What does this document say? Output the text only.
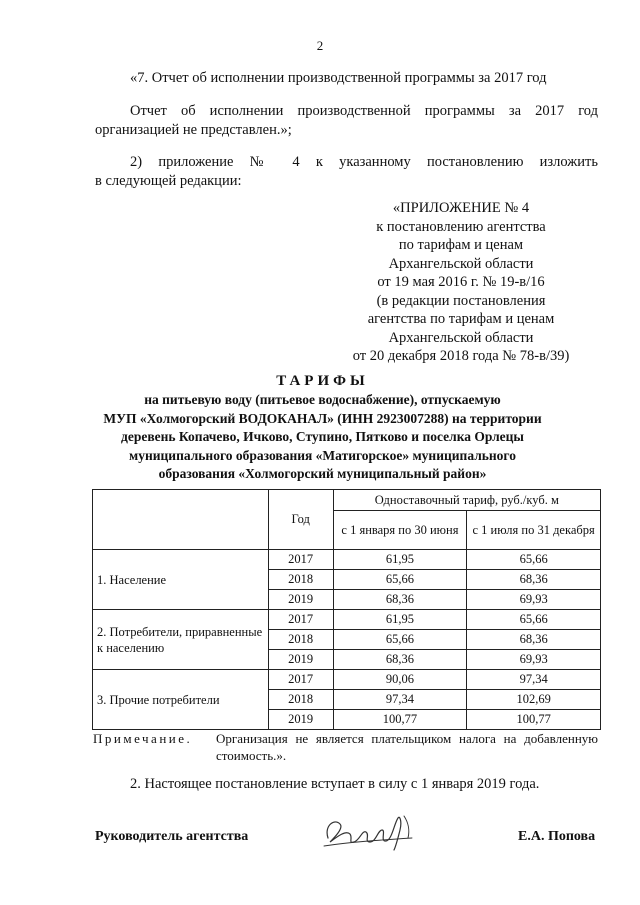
2
«7. Отчет об исполнении производственной программы за 2017 год
Отчет об исполнении производственной программы за 2017 год
организацией не представлен.»;
2) приложение № 4 к указанному постановлению изложить
в следующей редакции:
«ПРИЛОЖЕНИЕ № 4
к постановлению агентства
по тарифам и ценам
Архангельской области
от 19 мая 2016 г. № 19-в/16
(в редакции постановления
агентства по тарифам и ценам
Архангельской области
от 20 декабря 2018 года № 78-в/39)
ТАРИФЫ
на питьевую воду (питьевое водоснабжение), отпускаемую
МУП «Холмогорский ВОДОКАНАЛ» (ИНН 2923007288) на территории
деревень Копачево, Ичково, Ступино, Пятково и поселка Орлецы
муниципального образования «Матигорское» муниципального
образования «Холмогорский муниципальный район»
	Год	Одноставочный тариф, руб./куб. м	
		с 1 января по 30 июня	с 1 июля по 31 декабря
1. Население	2017	61,95	65,66
	2018	65,66	68,36
	2019	68,36	69,93
2. Потребители, приравненные к населению	2017	61,95	65,66
	2018	65,66	68,36
	2019	68,36	69,93
3. Прочие потребители	2017	90,06	97,34
	2018	97,34	102,69
	2019	100,77	100,77
Примечание. Организация не является плательщиком налога на добавленную стоимость.».
2. Настоящее постановление вступает в силу с 1 января 2019 года.
Руководитель агентства	Е.А. Попова
